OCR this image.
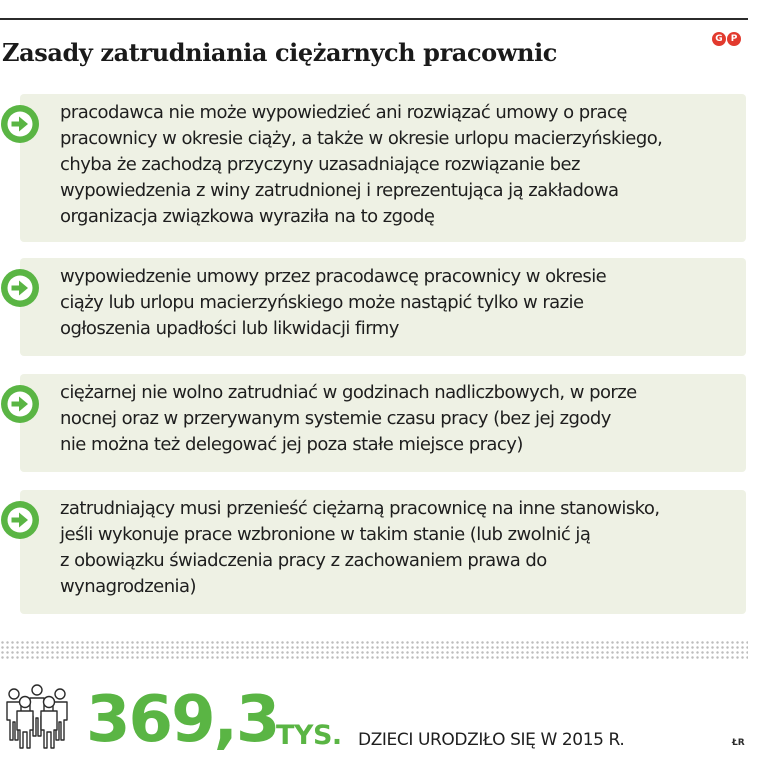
G P
Zasady zatrudniania ciężarnych pracownic
pracodawca nie może wypowiedzieć ani rozwiązać umowy o pracę
pracownicy w okresie ciąży, a także w okresie urlopu macierzyńskiego,
chyba że zachodzą przyczyny uzasadniające rozwiązanie bez
wypowiedzenia z winy zatrudnionej i reprezentująca ją zakładowa
organizacja związkowa wyraziła na to zgodę
wypowiedzenie umowy przez pracodawcę pracownicy w okresie
ciąży lub urlopu macierzyńskiego może nastąpić tylko w razie
ogłoszenia upadłości lub likwidacji firmy
ciężarnej nie wolno zatrudniać w godzinach nadliczbowych, w porze
nocnej oraz w przerywanym systemie czasu pracy (bez jej zgody
nie można też delegować jej poza stałe miejsce pracy)
zatrudniający musi przenieść ciężarną pracownicę na inne stanowisko,
jeśli wykonuje prace wzbronione w takim stanie (lub zwolnić ją
z obowiązku świadczenia pracy z zachowaniem prawa do
wynagrodzenia)
369,3
TYS. DZIECI URODZIŁO SIĘ W 2015 R.	ŁR
